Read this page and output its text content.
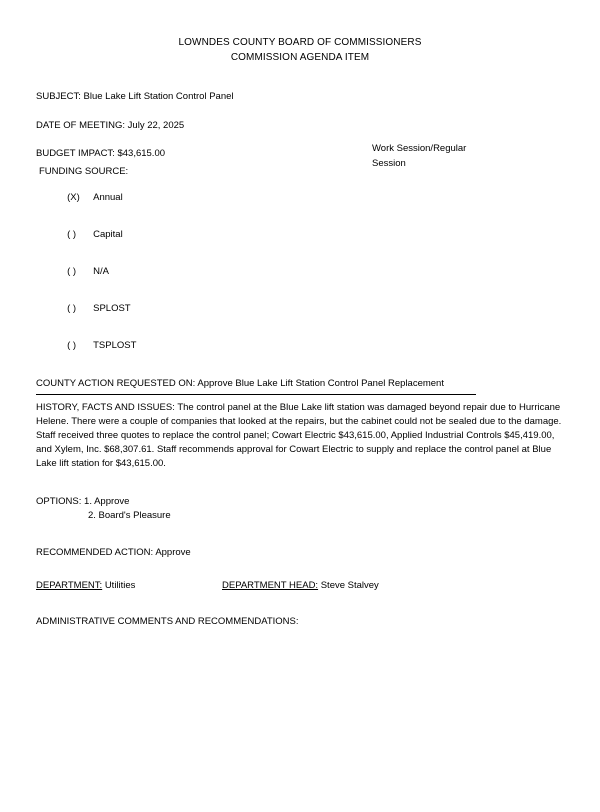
LOWNDES COUNTY BOARD OF COMMISSIONERS
COMMISSION AGENDA ITEM
Work Session/Regular Session
SUBJECT: Blue Lake Lift Station Control Panel
DATE OF MEETING: July 22, 2025
BUDGET IMPACT: $43,615.00
FUNDING SOURCE:

(X) Annual

( ) Capital

( ) N/A

( ) SPLOST

( ) TSPLOST

COUNTY ACTION REQUESTED ON: Approve Blue Lake Lift Station Control Panel Replacement
HISTORY, FACTS AND ISSUES: The control panel at the Blue Lake lift station was damaged beyond repair due to Hurricane Helene. There were a couple of companies that looked at the repairs, but the cabinet could not be sealed due to the damage. Staff received three quotes to replace the control panel; Cowart Electric $43,615.00, Applied Industrial Controls $45,419.00, and Xylem, Inc. $68,307.61. Staff recommends approval for Cowart Electric to supply and replace the control panel at Blue Lake lift station for $43,615.00.
OPTIONS: 1. Approve
2. Board's Pleasure
RECOMMENDED ACTION: Approve
DEPARTMENT: Utilities	DEPARTMENT HEAD: Steve Stalvey
ADMINISTRATIVE COMMENTS AND RECOMMENDATIONS:
